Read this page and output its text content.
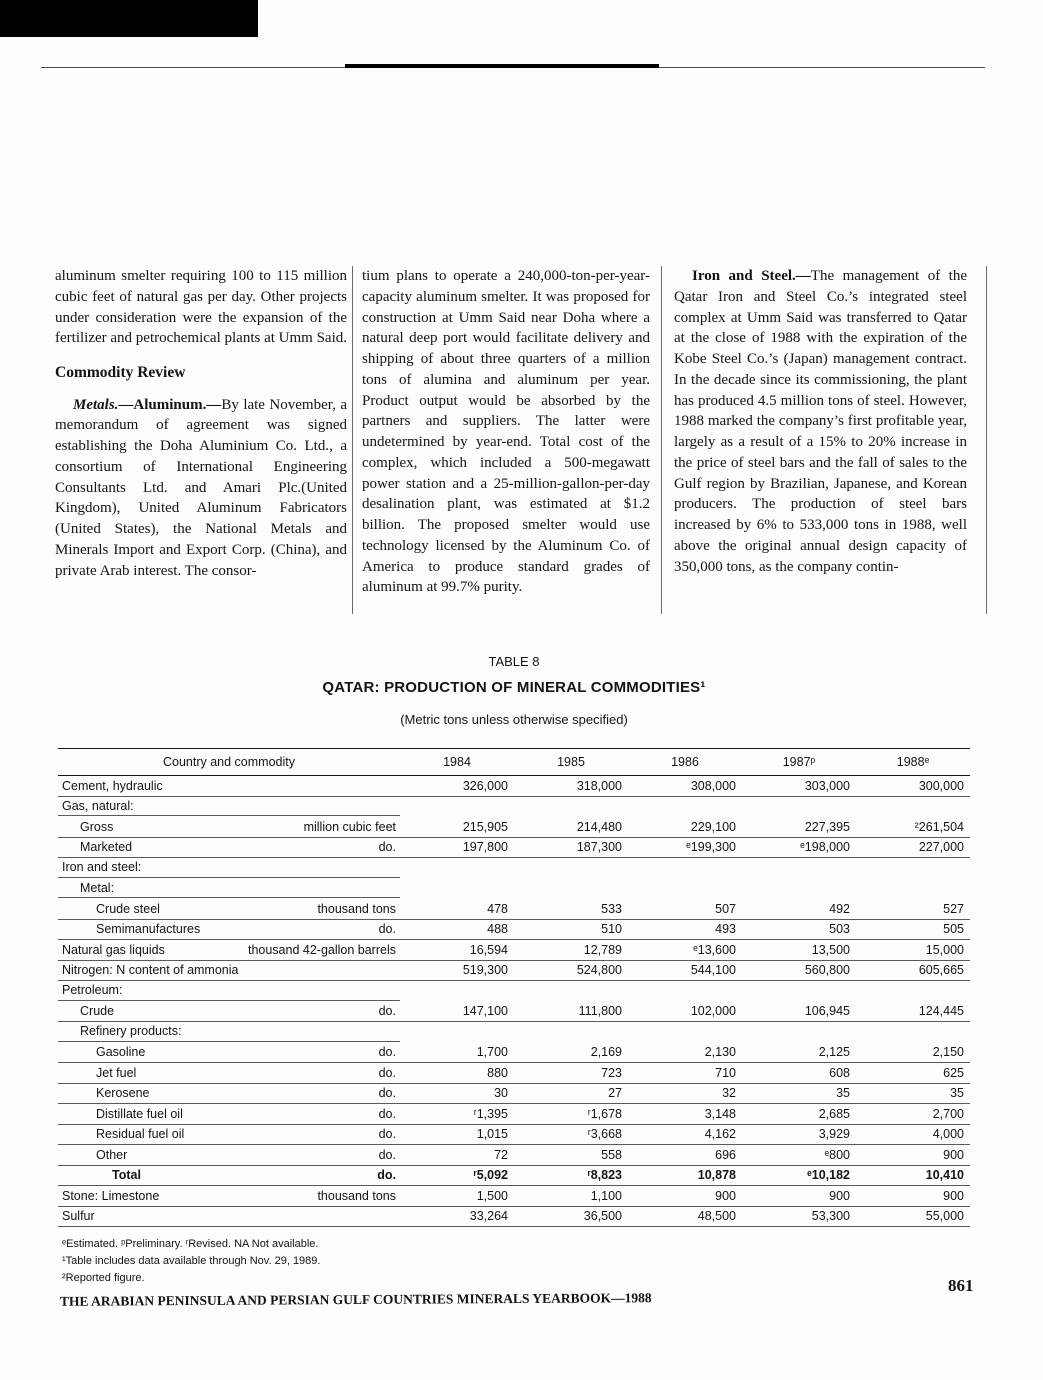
aluminum smelter requiring 100 to 115 million cubic feet of natural gas per day. Other projects under consideration were the expansion of the fertilizer and petrochemical plants at Umm Said.

Commodity Review

Metals.—Aluminum.—By late November, a memorandum of agreement was signed establishing the Doha Aluminium Co. Ltd., a consortium of International Engineering Consultants Ltd. and Amari Plc.(United Kingdom), United Aluminum Fabricators (United States), the National Metals and Minerals Import and Export Corp. (China), and private Arab interest. The consor-

tium plans to operate a 240,000-ton-per-year-capacity aluminum smelter. It was proposed for construction at Umm Said near Doha where a natural deep port would facilitate delivery and shipping of about three quarters of a million tons of alumina and aluminum per year. Product output would be absorbed by the partners and suppliers. The latter were undetermined by year-end. Total cost of the complex, which included a 500-megawatt power station and a 25-million-gallon-per-day desalination plant, was estimated at $1.2 billion. The proposed smelter would use technology licensed by the Aluminum Co. of America to produce standard grades of aluminum at 99.7% purity.

Iron and Steel.—The management of the Qatar Iron and Steel Co.’s integrated steel complex at Umm Said was transferred to Qatar at the close of 1988 with the expiration of the Kobe Steel Co.’s (Japan) management contract. In the decade since its commissioning, the plant has produced 4.5 million tons of steel. However, 1988 marked the company’s first profitable year, largely as a result of a 15% to 20% increase in the price of steel bars and the fall of sales to the Gulf region by Brazilian, Japanese, and Korean producers. The production of steel bars increased by 6% to 533,000 tons in 1988, well above the original annual design capacity of 350,000 tons, as the company contin-

TABLE 8
QATAR: PRODUCTION OF MINERAL COMMODITIES¹
(Metric tons unless otherwise specified)
Country and commodity	1984	1985	1986	1987ᵖ	1988ᵉ
Cement, hydraulic	326,000	318,000	308,000	303,000	300,000
Gas, natural:
Gross	million cubic feet	215,905	214,480	229,100	227,395	²261,504
Marketed	do.	197,800	187,300	ᵉ199,300	ᵉ198,000	227,000
Iron and steel:
Metal:
Crude steel	thousand tons	478	533	507	492	527
Semimanufactures	do.	488	510	493	503	505
Natural gas liquids	thousand 42-gallon barrels	16,594	12,789	ᵉ13,600	13,500	15,000
Nitrogen: N content of ammonia	519,300	524,800	544,100	560,800	605,665
Petroleum:
Crude	do.	147,100	111,800	102,000	106,945	124,445
Refinery products:
Gasoline	do.	1,700	2,169	2,130	2,125	2,150
Jet fuel	do.	880	723	710	608	625
Kerosene	do.	30	27	32	35	35
Distillate fuel oil	do.	ʳ1,395	ʳ1,678	3,148	2,685	2,700
Residual fuel oil	do.	1,015	ʳ3,668	4,162	3,929	4,000
Other	do.	72	558	696	ᵉ800	900
Total	do.	ʳ5,092	ʳ8,823	10,878	ᵉ10,182	10,410
Stone: Limestone	thousand tons	1,500	1,100	900	900	900
Sulfur	33,264	36,500	48,500	53,300	55,000
ᵉEstimated. ᵖPreliminary. ʳRevised. NA Not available.
¹Table includes data available through Nov. 29, 1989.
²Reported figure.
THE ARABIAN PENINSULA AND PERSIAN GULF COUNTRIES MINERALS YEARBOOK—1988
861
